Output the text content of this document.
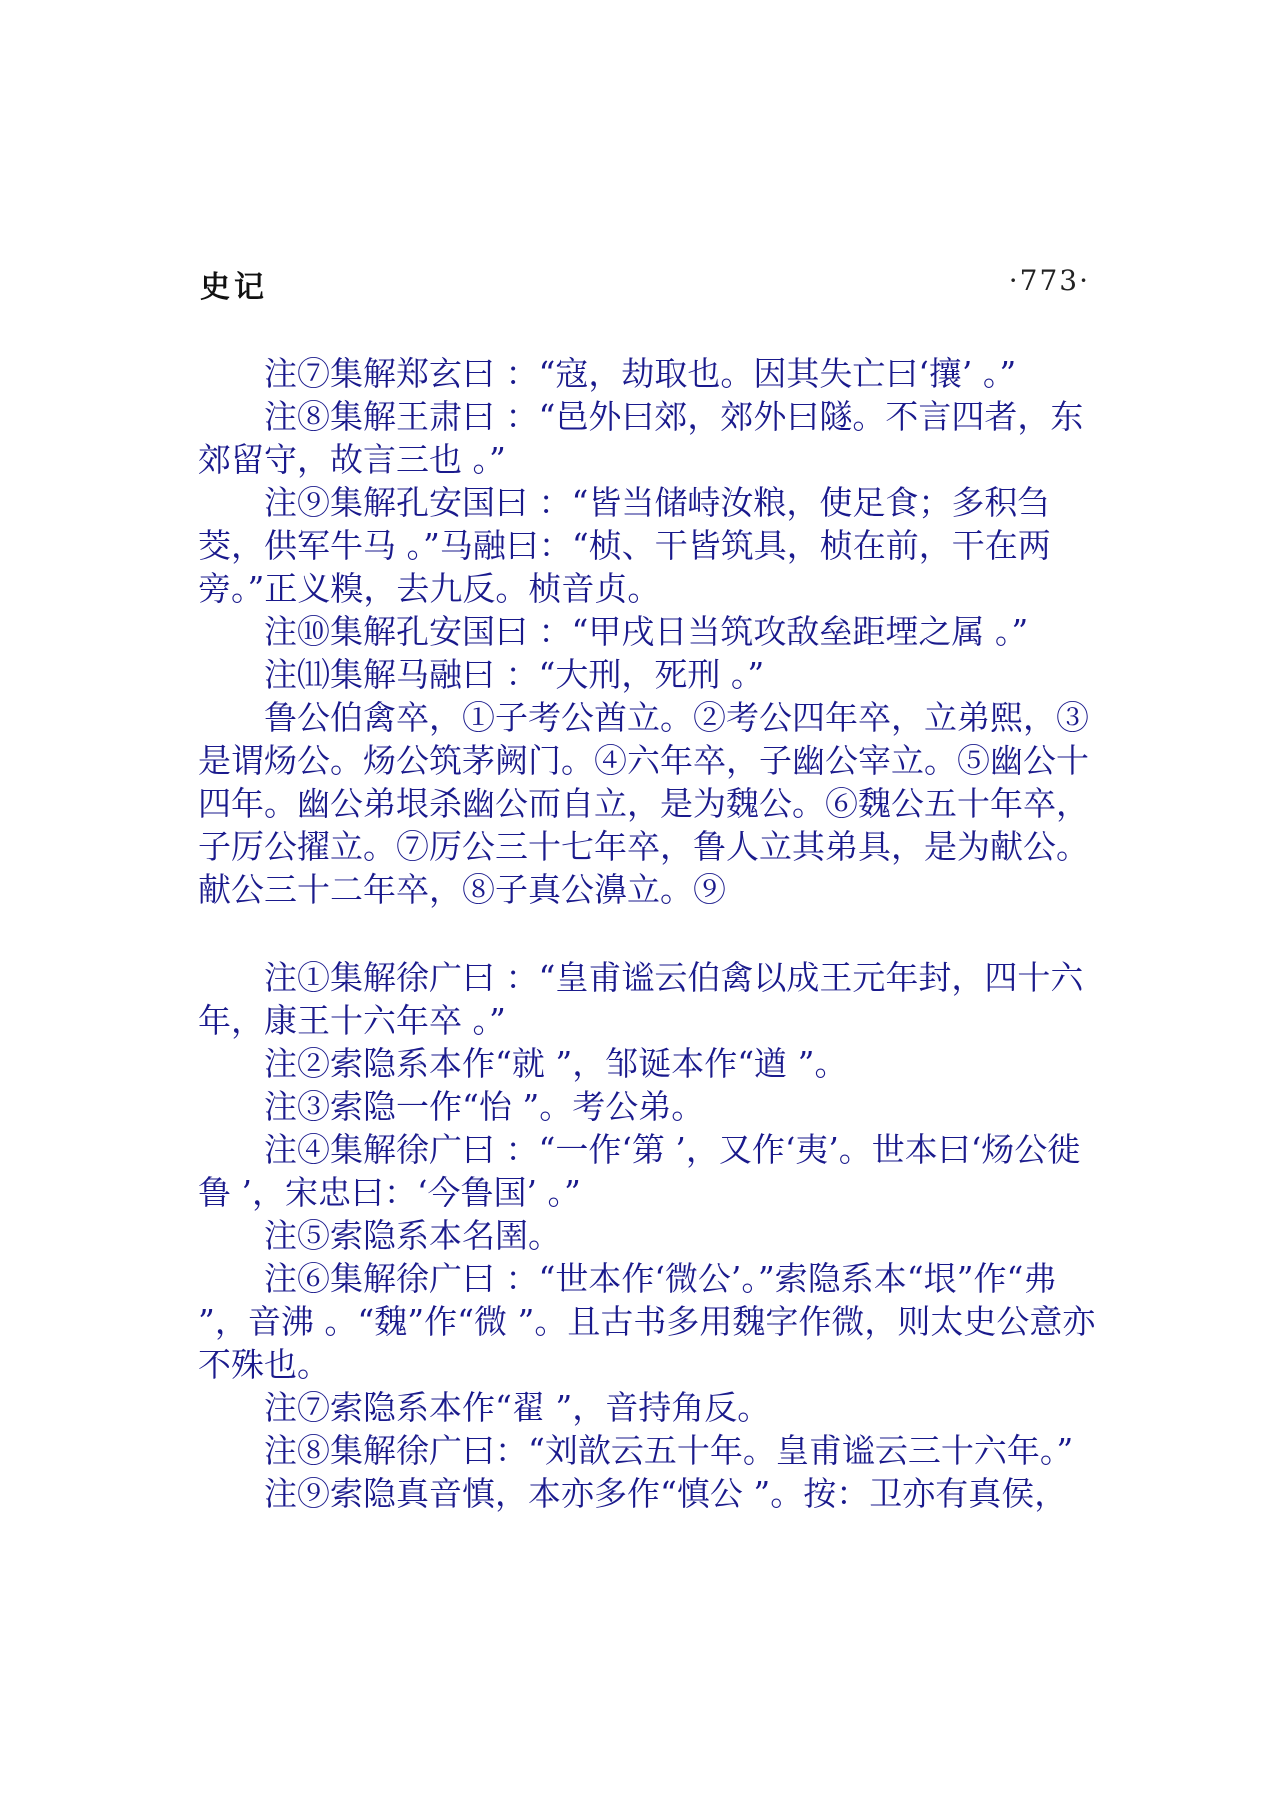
史记	·773·

注⑦集解郑玄曰 ：“寇，劫取也。因其失亡曰‘攘’ 。”

注⑧集解王肃曰 ：“邑外曰郊，郊外曰隧。不言四者，东郊留守，故言三也 。”

注⑨集解孔安国曰 ：“皆当储峙汝粮，使足食；多积刍茭，供军牛马 。”马融曰：“桢、干皆筑具，桢在前，干在两旁。”正义糗，去九反。桢音贞。

注⑩集解孔安国曰 ：“甲戌日当筑攻敌垒距堙之属 。”

注⑾集解马融曰 ：“大刑，死刑 。”

鲁公伯禽卒，①子考公酋立。②考公四年卒，立弟熙，③是谓炀公。炀公筑茅阙门。④六年卒，子幽公宰立。⑤幽公十四年。幽公弟垠杀幽公而自立，是为魏公。⑥魏公五十年卒，子厉公擢立。⑦厉公三十七年卒，鲁人立其弟具，是为献公。献公三十二年卒，⑧子真公濞立。⑨

注①集解徐广曰 ：“皇甫谧云伯禽以成王元年封，四十六年，康王十六年卒 。”

注②索隐系本作“就 ”，邹诞本作“遒 ”。

注③索隐一作“怡 ”。考公弟。

注④集解徐广曰 ：“一作‘第 ’，又作‘夷’。世本曰‘炀公徙鲁 ’，宋忠曰：‘今鲁国’ 。”

注⑤索隐系本名圉。

注⑥集解徐广曰 ：“世本作‘微公’。”索隐系本“垠”作“弗 ”，音沸 。“魏”作“微 ”。且古书多用魏字作微，则太史公意亦不殊也。

注⑦索隐系本作“翟 ”，音持角反。

注⑧集解徐广曰：“刘歆云五十年。皇甫谧云三十六年。”

注⑨索隐真音慎，本亦多作“慎公 ”。按：卫亦有真侯，
